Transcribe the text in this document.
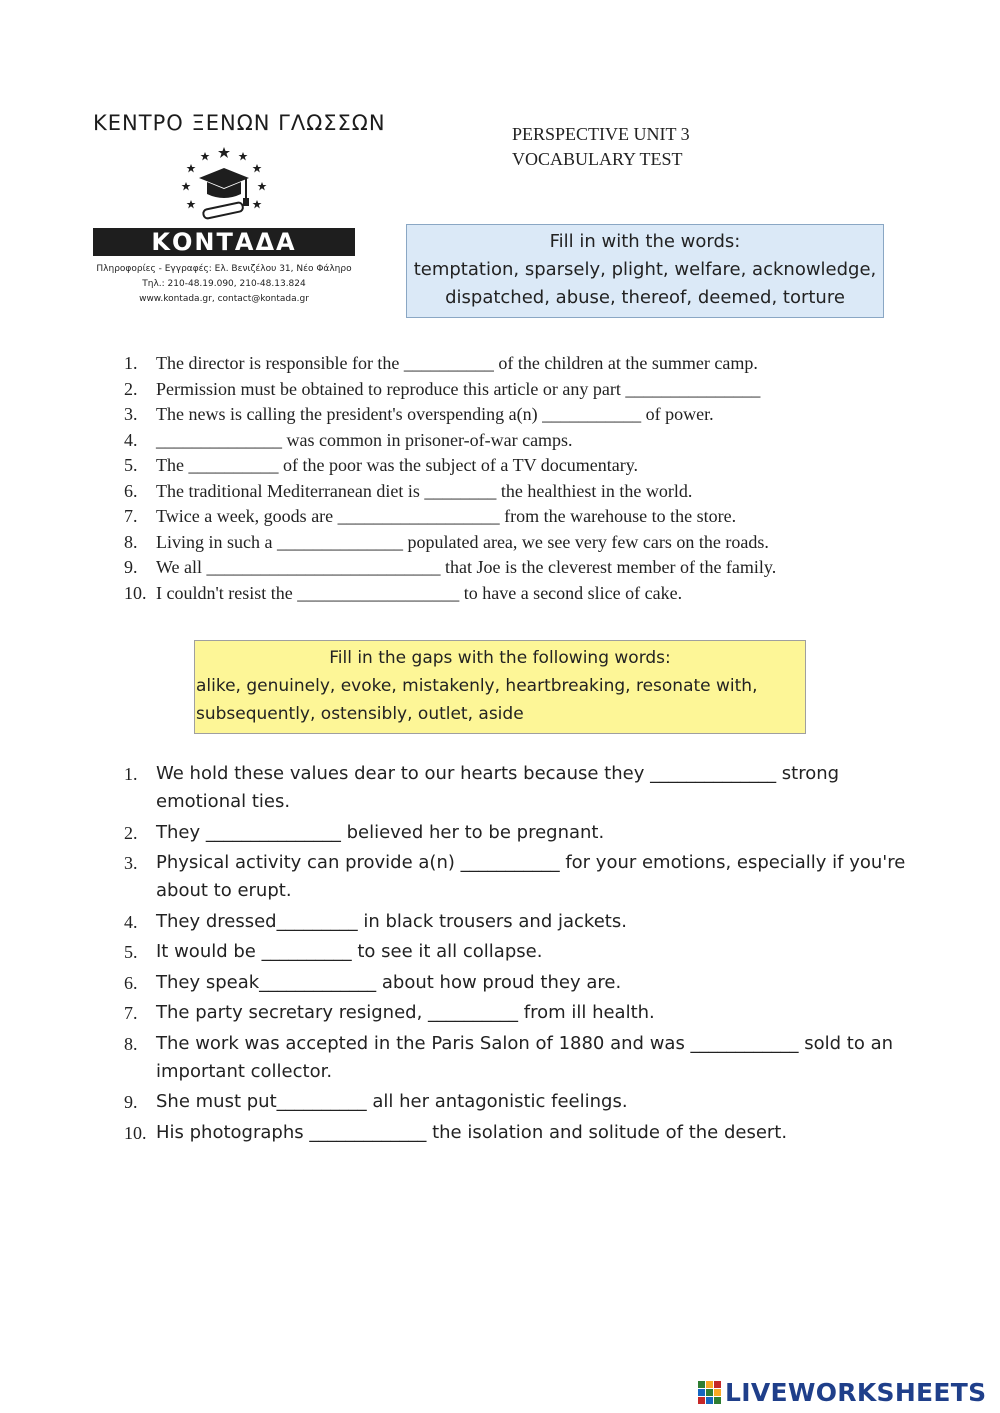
ΚΕΝΤΡΟ ΞΕΝΩΝ ΓΛΩΣΣΩΝ
ΚΟΝΤΑΔΑ
Πληροφορίες - Εγγραφές: Ελ. Βενιζέλου 31, Νέο Φάληρο
Τηλ.: 210-48.19.090, 210-48.13.824
www.kontada.gr, contact@kontada.gr
PERSPECTIVE UNIT 3
VOCABULARY TEST
Fill in with the words:
temptation, sparsely, plight, welfare, acknowledge,
dispatched, abuse, thereof, deemed, torture
1.	The director is responsible for the __________ of the children at the summer camp.
2.	Permission must be obtained to reproduce this article or any part _______________
3.	The news is calling the president's overspending a(n) ___________ of power.
4.	______________ was common in prisoner-of-war camps.
5.	The __________ of the poor was the subject of a TV documentary.
6.	The traditional Mediterranean diet is ________ the healthiest in the world.
7.	Twice a week, goods are __________________ from the warehouse to the store.
8.	Living in such a ______________ populated area, we see very few cars on the roads.
9.	We all __________________________ that Joe is the cleverest member of the family.
10. I couldn't resist the __________________ to have a second slice of cake.
Fill in the gaps with the following words:
alike, genuinely, evoke, mistakenly, heartbreaking, resonate with,
subsequently, ostensibly, outlet, aside
1.	We hold these values dear to our hearts because they ______________ strong emotional ties.
2.	They _______________ believed her to be pregnant.
3.	Physical activity can provide a(n) ___________ for your emotions, especially if you're about to erupt.
4.	They dressed_________ in black trousers and jackets.
5.	It would be __________ to see it all collapse.
6.	They speak_____________ about how proud they are.
7.	The party secretary resigned, __________ from ill health.
8.	The work was accepted in the Paris Salon of 1880 and was ____________ sold to an important collector.
9.	She must put__________ all her antagonistic feelings.
10. His photographs _____________ the isolation and solitude of the desert.
LIVEWORKSHEETS
